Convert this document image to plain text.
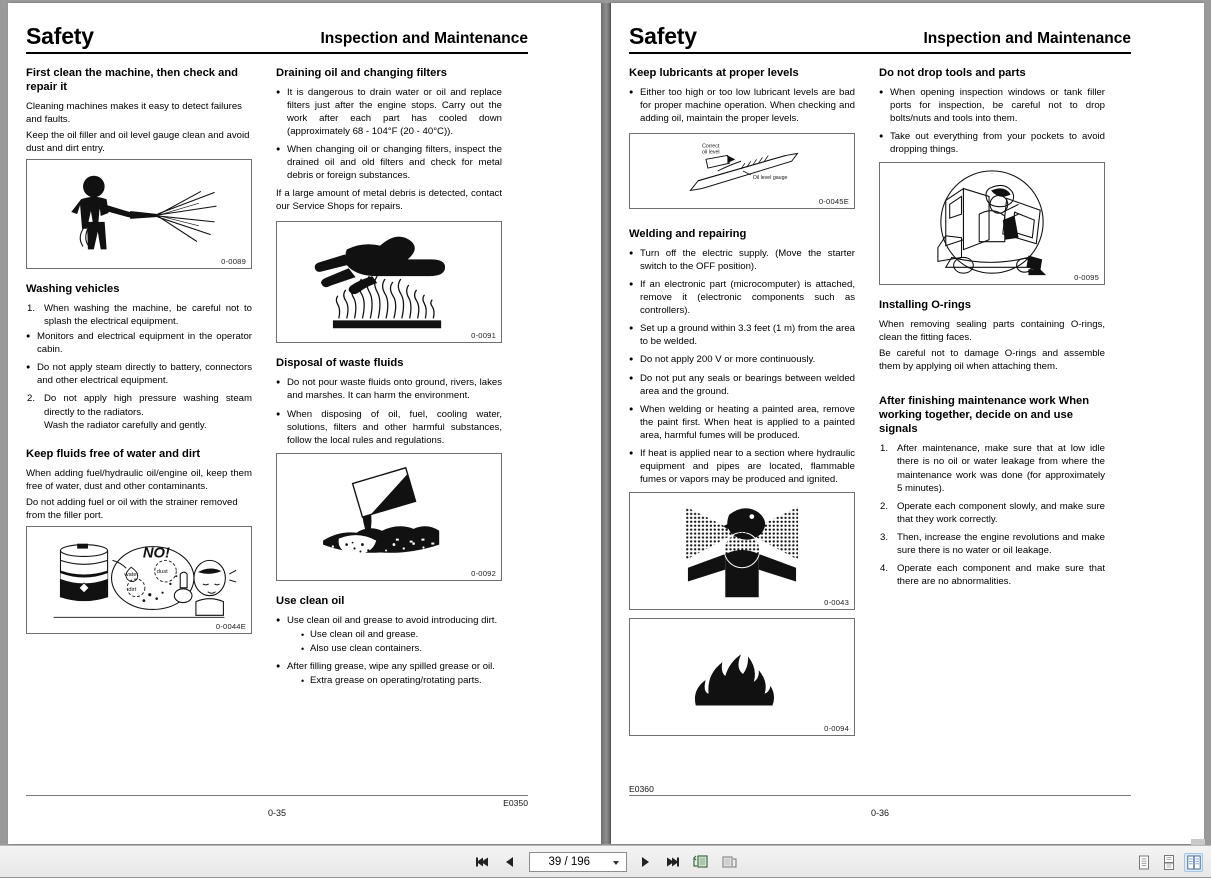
Safety	Inspection and Maintenance
First clean the machine, then check and repair it

Cleaning machines makes it easy to detect failures and faults.

Keep the oil filler and oil level gauge clean and avoid dust and dirt entry.

0-0089
Washing vehicles
When washing the machine, be careful not to splash the electrical equipment.
● Monitors and electrical equipment in the operator cabin.
● Do not apply steam directly to battery, connectors and other electrical equipment.
Do not apply high pressure washing steam directly to the radiators.

Wash the radiator carefully and gently.

Keep fluids free of water and dirt

When adding fuel/hydraulic oil/engine oil, keep them free of water, dust and other contaminants.

Do not adding fuel or oil with the strainer removed from the filler port.

NO!
water	dust
dirt
0-0044E
Draining oil and changing filters
● It is dangerous to drain water or oil and replace filters just after the engine stops. Carry out the work after each part has cooled down (approximately 68 - 104°F (20 - 40°C)).
● When changing oil or changing filters, inspect the drained oil and old filters and check for metal debris or foreign substances.

If a large amount of metal debris is detected, contact our Service Shops for repairs.

0-0091
Disposal of waste fluids
● Do not pour waste fluids onto ground, rivers, lakes and marshes. It can harm the environment.
● When disposing of oil, fuel, cooling water, solutions, filters and other harmful substances, follow the local rules and regulations.
0-0092
Use clean oil
● Use clean oil and grease to avoid introducing dirt.
• Use clean oil and grease.
• Also use clean containers.
● After filling grease, wipe any spilled grease or oil.
• Extra grease on operating/rotating parts.
E0350
0-35
Safety	Inspection and Maintenance
Keep lubricants at proper levels
● Either too high or too low lubricant levels are bad for proper machine operation. When checking and adding oil, maintain the proper levels.
Correct
oil level
Oil level gauge
0-0045E
Welding and repairing
● Turn off the electric supply. (Move the starter switch to the OFF position).
● If an electronic part (microcomputer) is attached, remove it (electronic components such as controllers).
● Set up a ground within 3.3 feet (1 m) from the area to be welded.
● Do not apply 200 V or more continuously.
● Do not put any seals or bearings between welded area and the ground.
● When welding or heating a painted area, remove the paint first. When heat is applied to a painted area, harmful fumes will be produced.
● If heat is applied near to a section where hydraulic equipment and pipes are located, flammable fumes or vapors may be produced and ignited.
0-0043
0-0094
Do not drop tools and parts
● When opening inspection windows or tank filler ports for inspection, be careful not to drop bolts/nuts and tools into them.
● Take out everything from your pockets to avoid dropping things.
0-0095
Installing O-rings

When removing sealing parts containing O-rings, clean the fitting faces.

Be careful not to damage O-rings and assemble them by applying oil when attaching them.

After finishing maintenance work When working together, decide on and use signals
After maintenance, make sure that at low idle there is no oil or water leakage from where the maintenance work was done (for approximately 5 minutes).
Operate each component slowly, and make sure that they work correctly.
Then, increase the engine revolutions and make sure there is no water or oil leakage.
Operate each component and make sure that there are no abnormalities.
E0360
0-36
39 / 196
